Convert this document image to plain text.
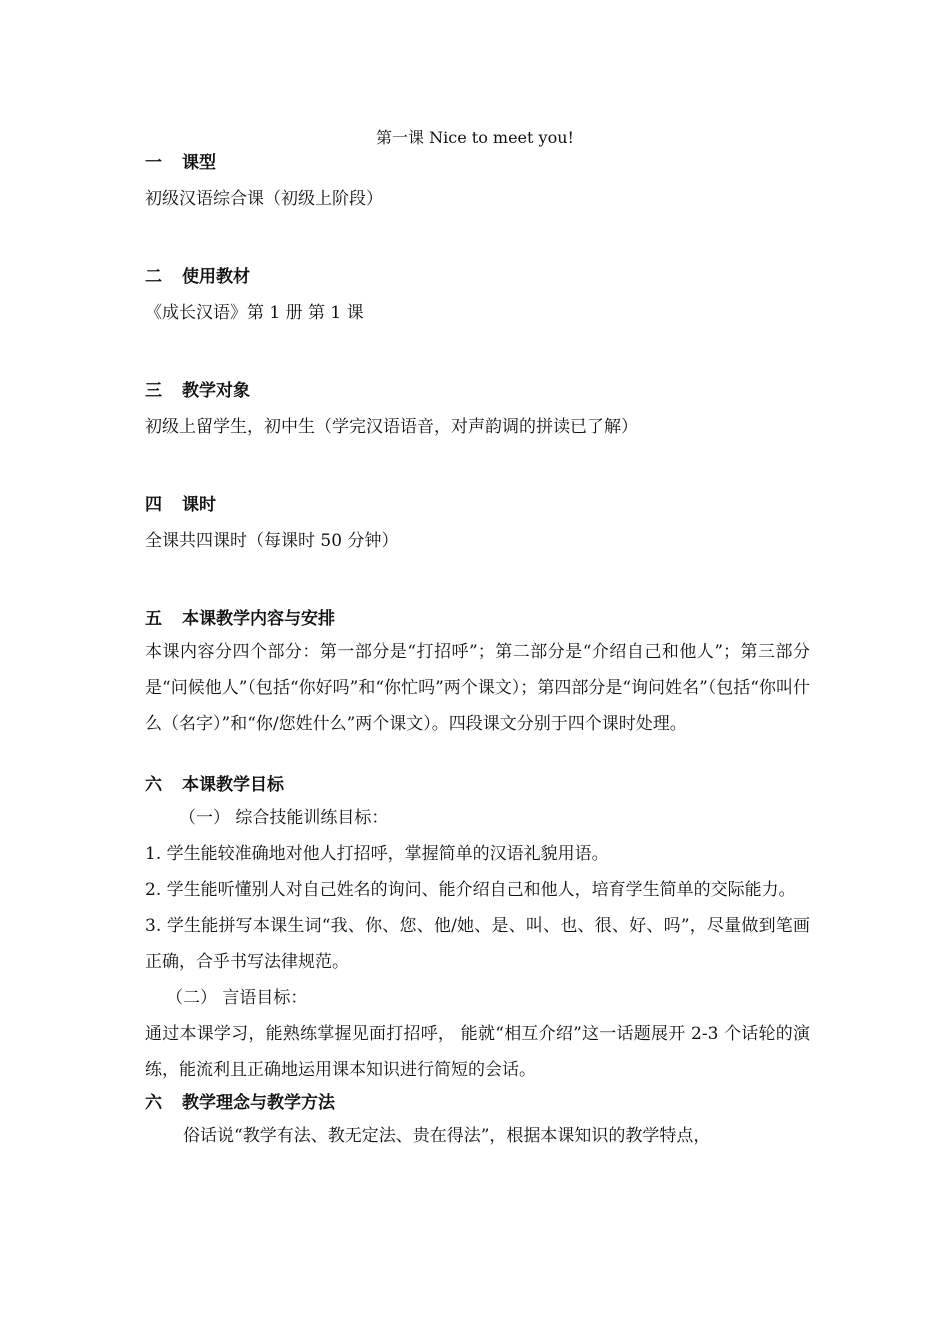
第一课 Nice to meet you!
一	课型
初级汉语综合课（初级上阶段）
二	使用教材
《成长汉语》第 1 册 第 1 课
三	教学对象
初级上留学生，初中生（学完汉语语音，对声韵调的拼读已了解）
四	课时
全课共四课时（每课时 50 分钟）
五	本课教学内容与安排
本课内容分四个部分：第一部分是“打招呼”；第二部分是“介绍自己和他人”；第三部分是“问候他人”（包括“你好吗”和“你忙吗”两个课文）；第四部分是“询问姓名”（包括“你叫什么（名字）”和“你/您姓什么”两个课文）。四段课文分别于四个课时处理。
六	本课教学目标
（一） 综合技能训练目标：
1. 学生能较准确地对他人打招呼，掌握简单的汉语礼貌用语。
2. 学生能听懂别人对自己姓名的询问、能介绍自己和他人，培育学生简单的交际能力。
3. 学生能拼写本课生词“我、你、您、他/她、是、叫、也、很、好、吗”，尽量做到笔画正确，合乎书写法律规范。
（二） 言语目标：
通过本课学习，能熟练掌握见面打招呼， 能就“相互介绍”这一话题展开 2-3 个话轮的演练，能流利且正确地运用课本知识进行简短的会话。
六	教学理念与教学方法
俗话说“教学有法、教无定法、贵在得法”，根据本课知识的教学特点，
